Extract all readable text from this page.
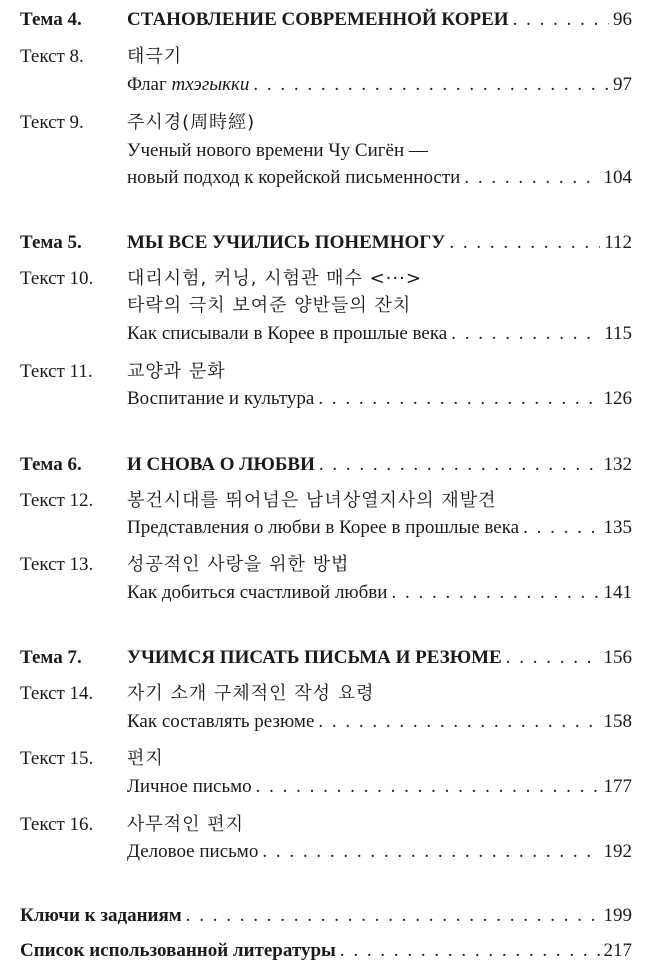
Тема 4. СТАНОВЛЕНИЕ СОВРЕМЕННОЙ КОРЕИ . . .	96
Текст 8. 태극기
Флаг тхэгыкки . . .	97
Текст 9. 주시경(周時經)
Ученый нового времени Чу Сигён —
новый подход к корейской письменности . . .	104
Тема 5. МЫ ВСЕ УЧИЛИСЬ ПОНЕМНОГУ . . .	112
Текст 10. 대리시험, 커닝, 시험관 매수 <···>
타락의 극치 보여준 양반들의 잔치
Как списывали в Корее в прошлые века . . .	115
Текст 11. 교양과 문화
Воспитание и культура . . .	126
Тема 6. И СНОВА О ЛЮБВИ . . .	132
Текст 12. 봉건시대를 뛰어넘은 남녀상열지사의 재발견
Представления о любви в Корее в прошлые века . . .	135
Текст 13. 성공적인 사랑을 위한 방법
Как добиться счастливой любви . . .	141
Тема 7. УЧИМСЯ ПИСАТЬ ПИСЬМА И РЕЗЮМЕ . . .	156
Текст 14. 자기 소개 구체적인 작성 요령
Как составлять резюме . . .	158
Текст 15. 편지
Личное письмо . . .	177
Текст 16. 사무적인 편지
Деловое письмо . . .	192
Ключи к заданиям . . .	199
Список использованной литературы . . .	217
